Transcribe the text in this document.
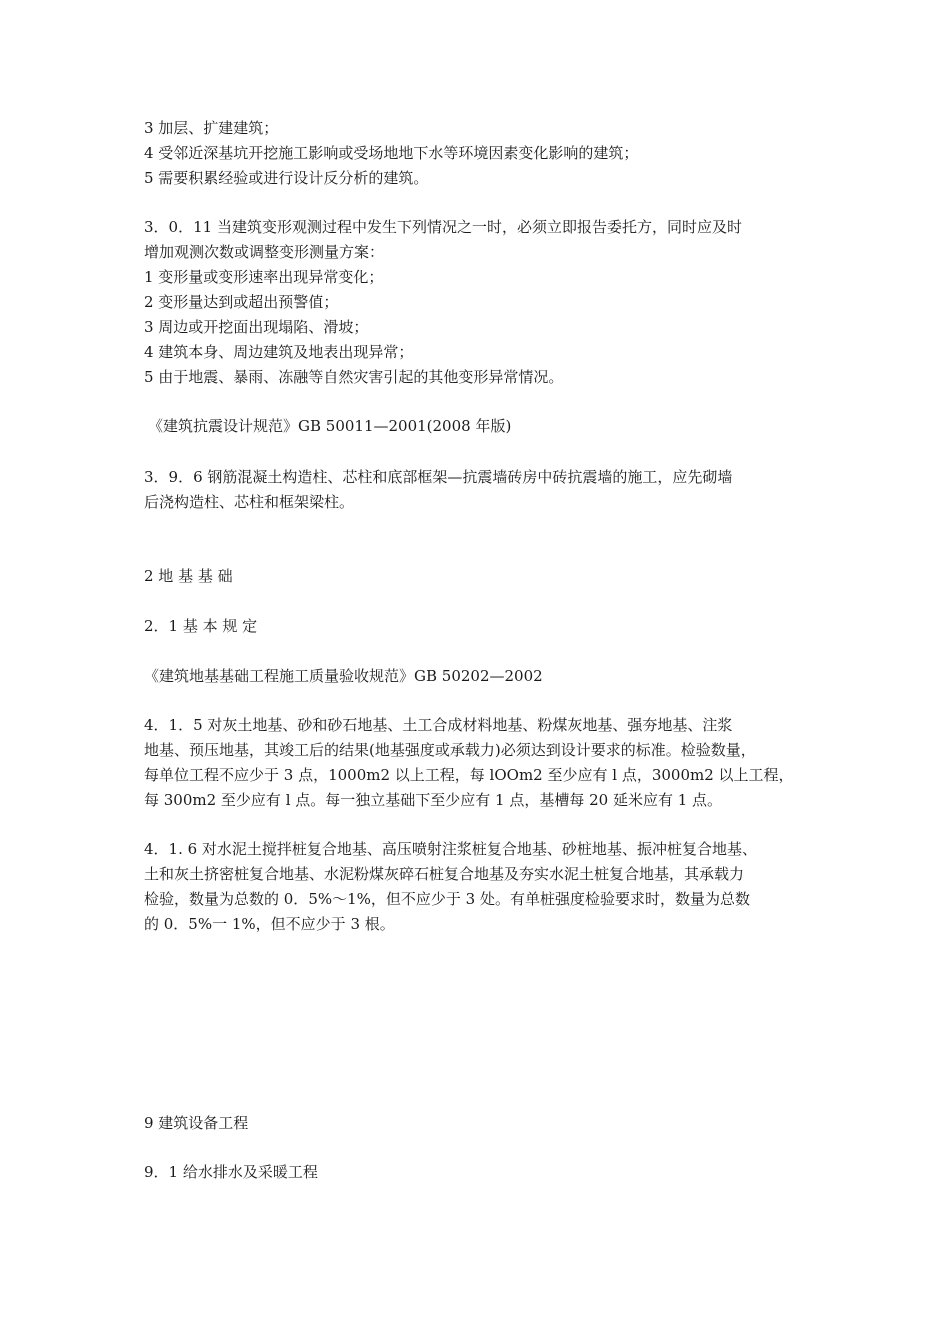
3 加层、扩建建筑；
4 受邻近深基坑开挖施工影响或受场地地下水等环境因素变化影响的建筑；
5 需要积累经验或进行设计反分析的建筑。
3．0．11 当建筑变形观测过程中发生下列情况之一时，必须立即报告委托方，同时应及时
增加观测次数或调整变形测量方案：
1 变形量或变形速率出现异常变化；
2 变形量达到或超出预警值；
3 周边或开挖面出现塌陷、滑坡；
4 建筑本身、周边建筑及地表出现异常；
5 由于地震、暴雨、冻融等自然灾害引起的其他变形异常情况。
《建筑抗震设计规范》GB 50011—2001(2008 年版)
3．9．6 钢筋混凝土构造柱、芯柱和底部框架—抗震墙砖房中砖抗震墙的施工，应先砌墙
后浇构造柱、芯柱和框架梁柱。
2 地 基 基 础
2．1 基 本 规 定
《建筑地基基础工程施工质量验收规范》GB 50202—2002
4．1．5 对灰土地基、砂和砂石地基、土工合成材料地基、粉煤灰地基、强夯地基、注浆
地基、预压地基，其竣工后的结果(地基强度或承载力)必须达到设计要求的标准。检验数量，
每单位工程不应少于 3 点，1000m2 以上工程，每 lOOm2 至少应有 l 点，3000m2 以上工程，
每 300m2 至少应有 l 点。每一独立基础下至少应有 1 点，基槽每 20 延米应有 1 点。
4．1. 6 对水泥土搅拌桩复合地基、高压喷射注浆桩复合地基、砂桩地基、振冲桩复合地基、
土和灰土挤密桩复合地基、水泥粉煤灰碎石桩复合地基及夯实水泥土桩复合地基，其承载力
检验，数量为总数的 0．5%～1%，但不应少于 3 处。有单桩强度检验要求时，数量为总数
的 0．5%一 1%，但不应少于 3 根。
9 建筑设备工程
9．1 给水排水及采暖工程
